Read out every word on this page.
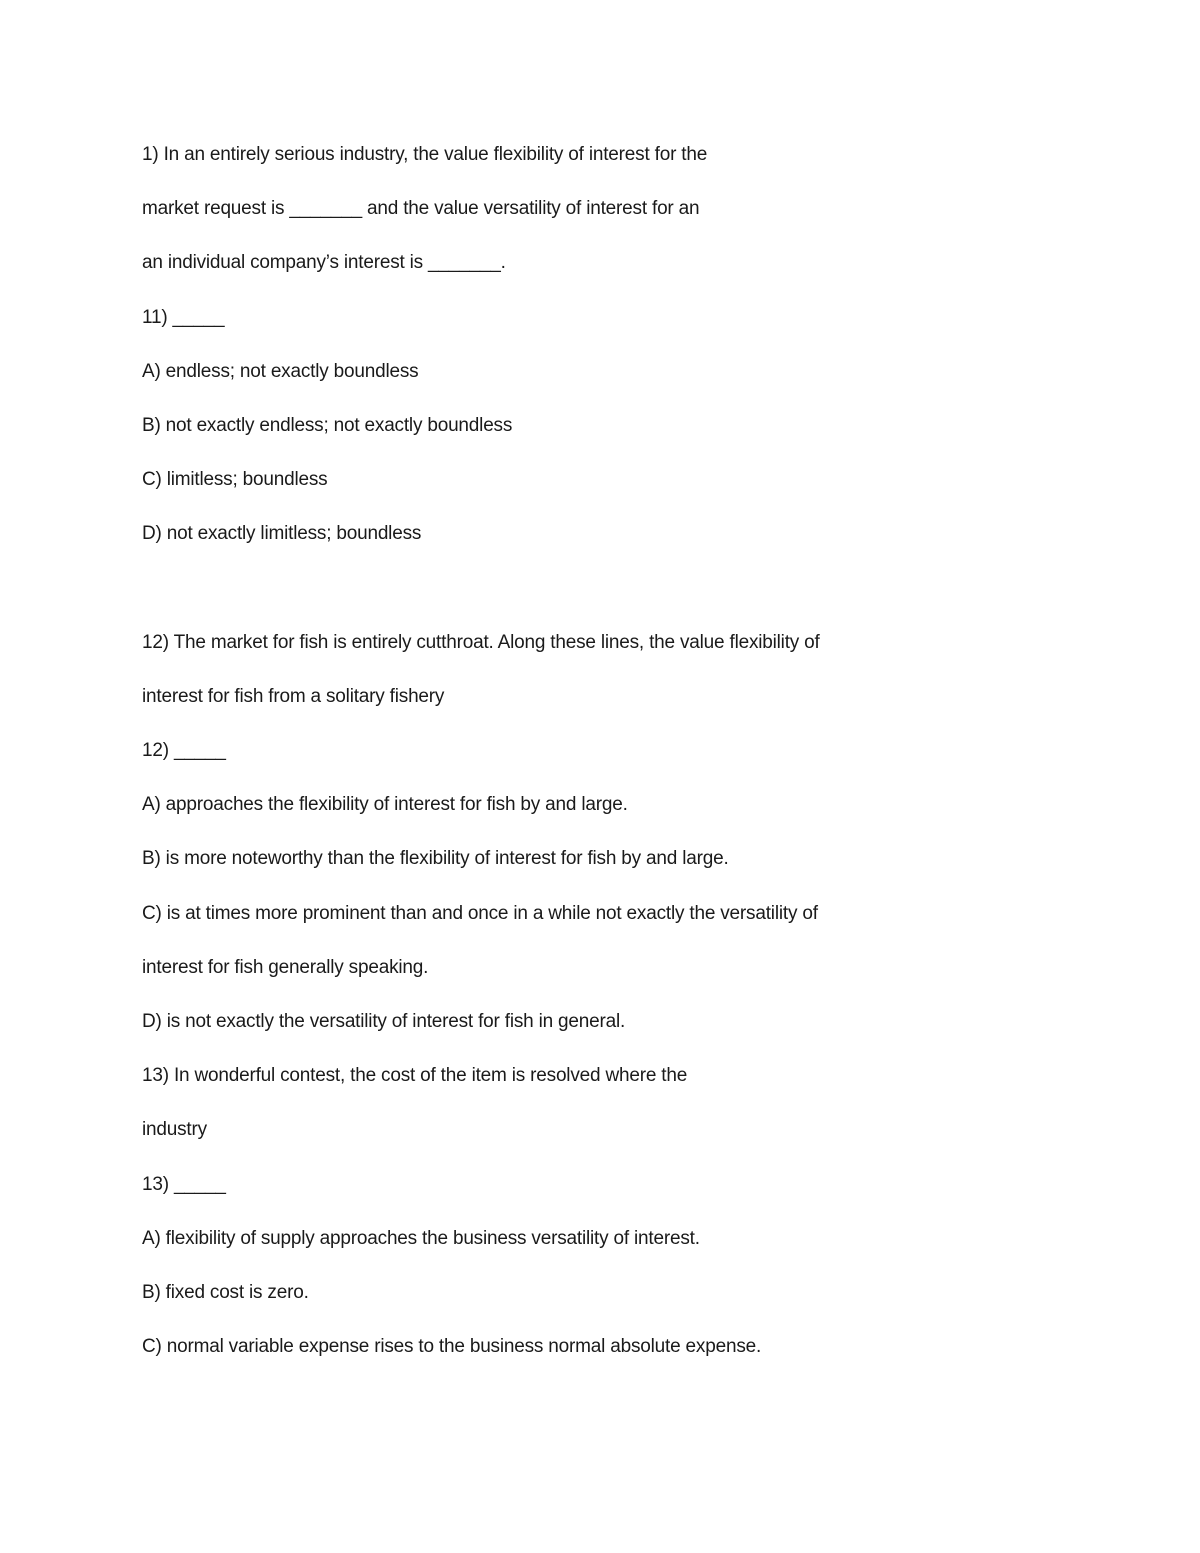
1) In an entirely serious industry, the value flexibility of interest for the
market request is _______ and the value versatility of interest for an
an individual company’s interest is _______.
11) _____
A) endless; not exactly boundless
B) not exactly endless; not exactly boundless
C) limitless; boundless
D) not exactly limitless; boundless
12) The market for fish is entirely cutthroat. Along these lines, the value flexibility of
interest for fish from a solitary fishery
12) _____
A) approaches the flexibility of interest for fish by and large.
B) is more noteworthy than the flexibility of interest for fish by and large.
C) is at times more prominent than and once in a while not exactly the versatility of
interest for fish generally speaking.
D) is not exactly the versatility of interest for fish in general.
13) In wonderful contest, the cost of the item is resolved where the
industry
13) _____
A) flexibility of supply approaches the business versatility of interest.
B) fixed cost is zero.
C) normal variable expense rises to the business normal absolute expense.
